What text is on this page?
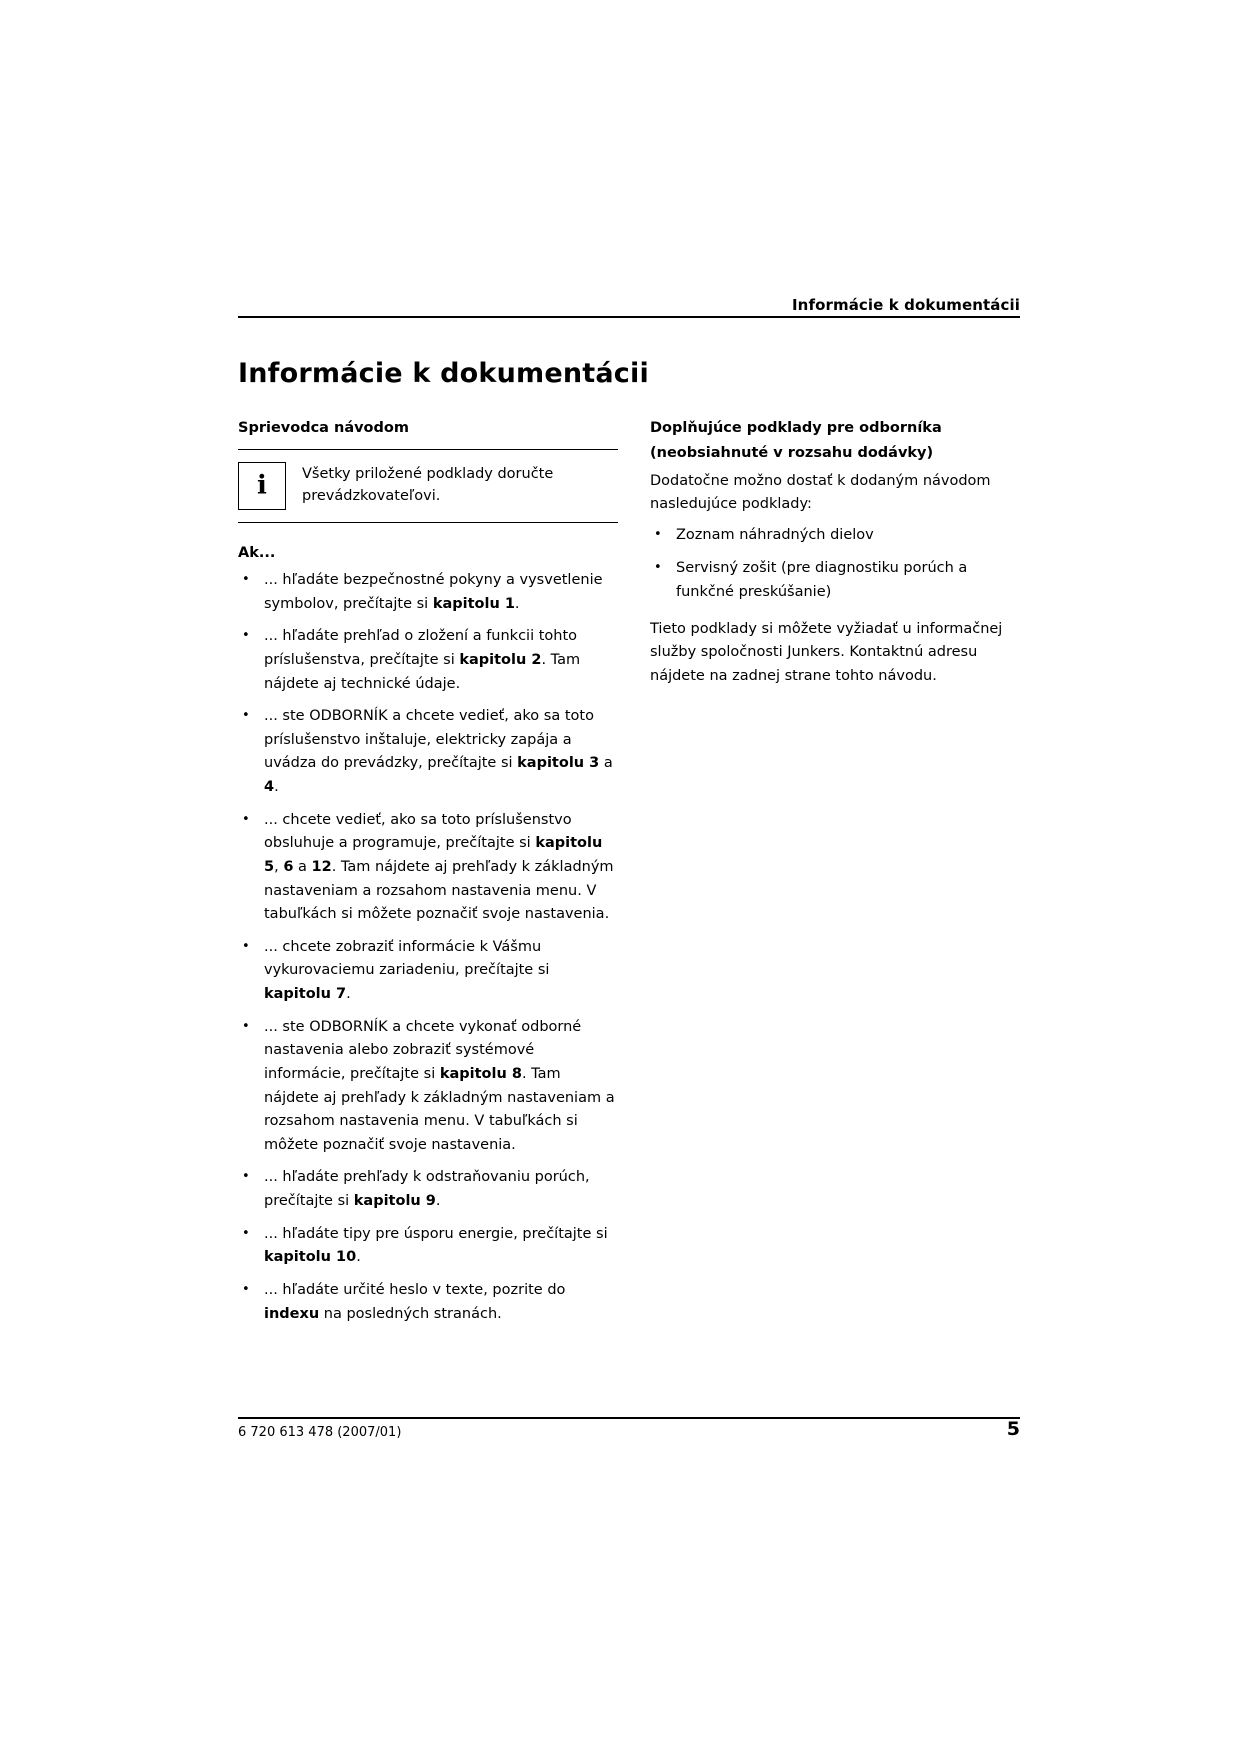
Informácie k dokumentácii
Informácie k dokumentácii
Sprievodca návodom
ℹ	Všetky priložené podklady doručte prevádzkovateľovi.
Ak...
• ... hľadáte bezpečnostné pokyny a vysvetlenie symbolov, prečítajte si kapitolu 1.
• ... hľadáte prehľad o zložení a funkcii tohto príslušenstva, prečítajte si kapitolu 2. Tam nájdete aj technické údaje.
• ... ste ODBORNÍK a chcete vedieť, ako sa toto príslušenstvo inštaluje, elektricky zapája a uvádza do prevádzky, prečítajte si kapitolu 3 a 4.
• ... chcete vedieť, ako sa toto príslušenstvo obsluhuje a programuje, prečítajte si kapitolu 5, 6 a 12. Tam nájdete aj prehľady k základným nastaveniam a rozsahom nastavenia menu. V tabuľkách si môžete poznačiť svoje nastavenia.
• ... chcete zobraziť informácie k Vášmu vykurovaciemu zariadeniu, prečítajte si kapitolu 7.
• ... ste ODBORNÍK a chcete vykonať odborné nastavenia alebo zobraziť systémové informácie, prečítajte si kapitolu 8. Tam nájdete aj prehľady k základným nastaveniam a rozsahom nastavenia menu. V tabuľkách si môžete poznačiť svoje nastavenia.
• ... hľadáte prehľady k odstraňovaniu porúch, prečítajte si kapitolu 9.
• ... hľadáte tipy pre úsporu energie, prečítajte si kapitolu 10.
• ... hľadáte určité heslo v texte, pozrite do indexu na posledných stranách.
Doplňujúce podklady pre odborníka
(neobsiahnuté v rozsahu dodávky)

Dodatočne možno dostať k dodaným návodom nasledujúce podklady:

• Zoznam náhradných dielov
• Servisný zošit (pre diagnostiku porúch a funkčné preskúšanie)

Tieto podklady si môžete vyžiadať u informačnej služby spoločnosti Junkers. Kontaktnú adresu nájdete na zadnej strane tohto návodu.

6 720 613 478 (2007/01)	5
